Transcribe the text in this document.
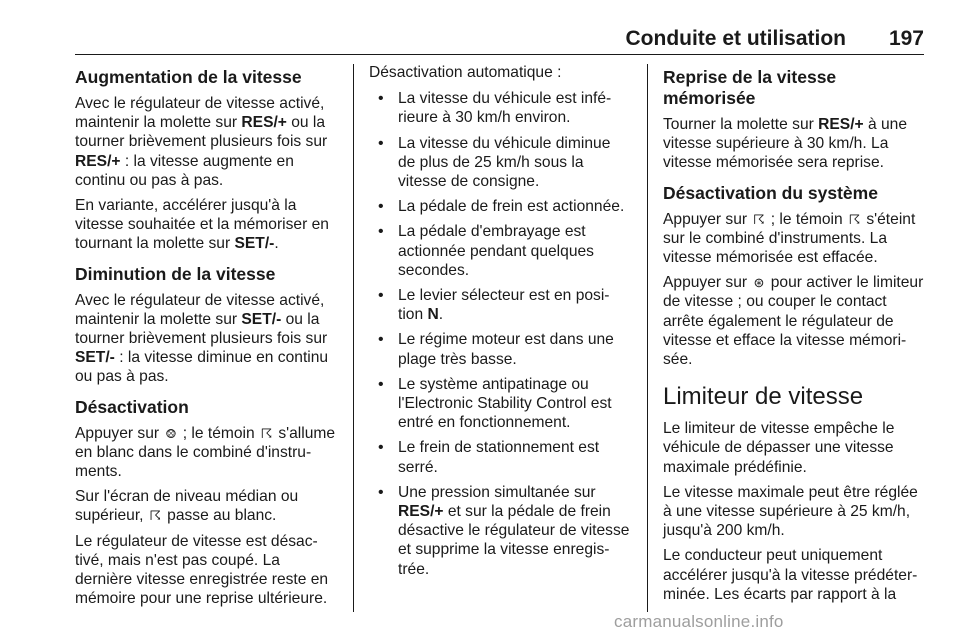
Conduite et utilisation 197
Augmentation de la vitesse

Avec le régulateur de vitesse activé,
maintenir la molette sur RES/+ ou la
tourner brièvement plusieurs fois sur
RES/+ : la vitesse augmente en
continu ou pas à pas.

En variante, accélérer jusqu'à la
vitesse souhaitée et la mémoriser en
tournant la molette sur SET/-.

Diminution de la vitesse

Avec le régulateur de vitesse activé,
maintenir la molette sur SET/- ou la
tourner brièvement plusieurs fois sur
SET/- : la vitesse diminue en continu
ou pas à pas.

Désactivation

Appuyer sur ⨷ ; le témoin ☈ s'allume
en blanc dans le combiné d'instru-
ments.

Sur l'écran de niveau médian ou
supérieur, ☈ passe au blanc.

Le régulateur de vitesse est désac-
tivé, mais n'est pas coupé. La
dernière vitesse enregistrée reste en
mémoire pour une reprise ultérieure.

Désactivation automatique :

• La vitesse du véhicule est infé-
rieure à 30 km/h environ.
• La vitesse du véhicule diminue
de plus de 25 km/h sous la
vitesse de consigne.
• La pédale de frein est actionnée.
• La pédale d'embrayage est
actionnée pendant quelques
secondes.
• Le levier sélecteur est en posi-
tion N.
• Le régime moteur est dans une
plage très basse.
• Le système antipatinage ou
l'Electronic Stability Control est
entré en fonctionnement.
• Le frein de stationnement est
serré.
• Une pression simultanée sur
RES/+ et sur la pédale de frein
désactive le régulateur de vitesse
et supprime la vitesse enregis-
trée.
Reprise de la vitesse mémorisée

Tourner la molette sur RES/+ à une
vitesse supérieure à 30 km/h. La
vitesse mémorisée sera reprise.

Désactivation du système

Appuyer sur ☈ ; le témoin ☈ s'éteint
sur le combiné d'instruments. La
vitesse mémorisée est effacée.

Appuyer sur ⊛ pour activer le limiteur
de vitesse ; ou couper le contact
arrête également le régulateur de
vitesse et efface la vitesse mémori-
sée.

Limiteur de vitesse

Le limiteur de vitesse empêche le
véhicule de dépasser une vitesse
maximale prédéfinie.

Le vitesse maximale peut être réglée
à une vitesse supérieure à 25 km/h,
jusqu'à 200 km/h.

Le conducteur peut uniquement
accélérer jusqu'à la vitesse prédéter-
minée. Les écarts par rapport à la

carmanualsonline.info
